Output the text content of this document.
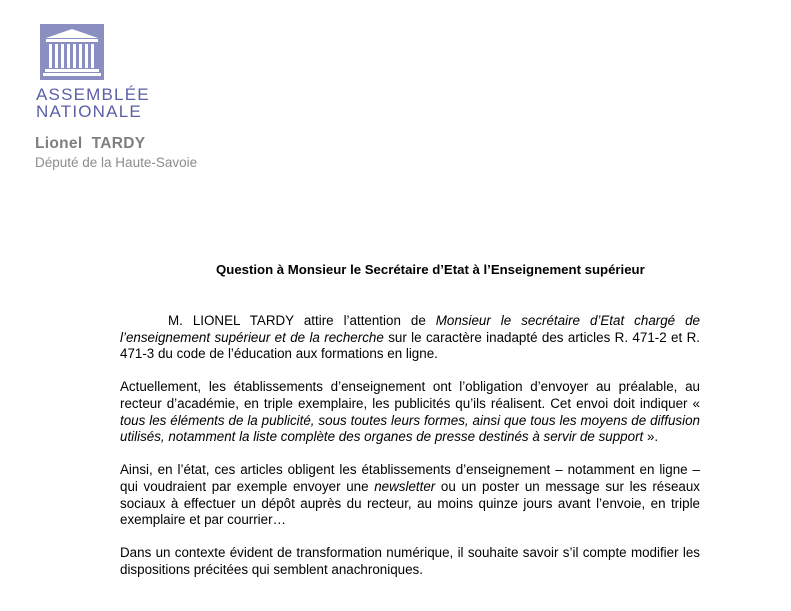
ASSEMBLÉE
NATIONALE
Lionel  TARDY
Député de la Haute-Savoie
Question à Monsieur le Secrétaire d’Etat à l’Enseignement supérieur

M. LIONEL TARDY attire l’attention de Monsieur le secrétaire d’Etat chargé de l’enseignement supérieur et de la recherche sur le caractère inadapté des articles R. 471-2 et R. 471-3 du code de l’éducation aux formations en ligne.

Actuellement, les établissements d’enseignement ont l’obligation d’envoyer au préalable, au recteur d’académie, en triple exemplaire, les publicités qu’ils réalisent. Cet envoi doit indiquer « tous les éléments de la publicité, sous toutes leurs formes, ainsi que tous les moyens de diffusion utilisés, notamment la liste complète des organes de presse destinés à servir de support ».

Ainsi, en l’état, ces articles obligent les établissements d’enseignement – notamment en ligne – qui voudraient par exemple envoyer une newsletter ou un poster un message sur les réseaux sociaux à effectuer un dépôt auprès du recteur, au moins quinze jours avant l’envoie, en triple exemplaire et par courrier…

Dans un contexte évident de transformation numérique, il souhaite savoir s’il compte modifier les dispositions précitées qui semblent anachroniques.
